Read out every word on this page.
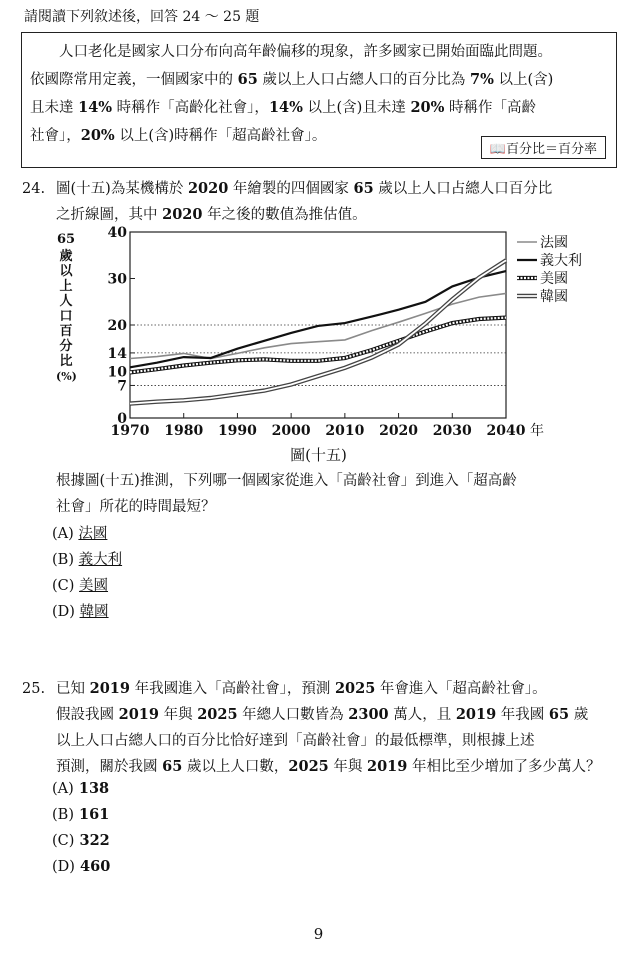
請閱讀下列敘述後，回答 24 ～ 25 題

人口老化是國家人口分布向高年齡偏移的現象，許多國家已開始面臨此問題。

依國際常用定義，一個國家中的 65 歲以上人口占總人口的百分比為 7% 以上(含)

且未達 14% 時稱作「高齡化社會」，14% 以上(含)且未達 20% 時稱作「高齡

社會」，20% 以上(含)時稱作「超高齡社會」。

📖百分比＝百分率
24. 圖(十五)為某機構於 2020 年繪製的四個國家 65 歲以上人口占總人口百分比
之折線圖，其中 2020 年之後的數值為推估值。
65
歲
以
上
人
口
百
分
比
(%)
0
7
10
14
20
30
40
1970 1980 1990 2000 2010 2020 2030 2040 年
法國
義大利
美國
韓國
圖(十五)
根據圖(十五)推測，下列哪一個國家從進入「高齡社會」到進入「超高齡
社會」所花的時間最短？
(A) 法國
(B) 義大利
(C) 美國
(D) 韓國
25. 已知 2019 年我國進入「高齡社會」，預測 2025 年會進入「超高齡社會」。
假設我國 2019 年與 2025 年總人口數皆為 2300 萬人，且 2019 年我國 65 歲
以上人口占總人口的百分比恰好達到「高齡社會」的最低標準，則根據上述
預測，關於我國 65 歲以上人口數，2025 年與 2019 年相比至少增加了多少萬人？
(A) 138
(B) 161
(C) 322
(D) 460
9
